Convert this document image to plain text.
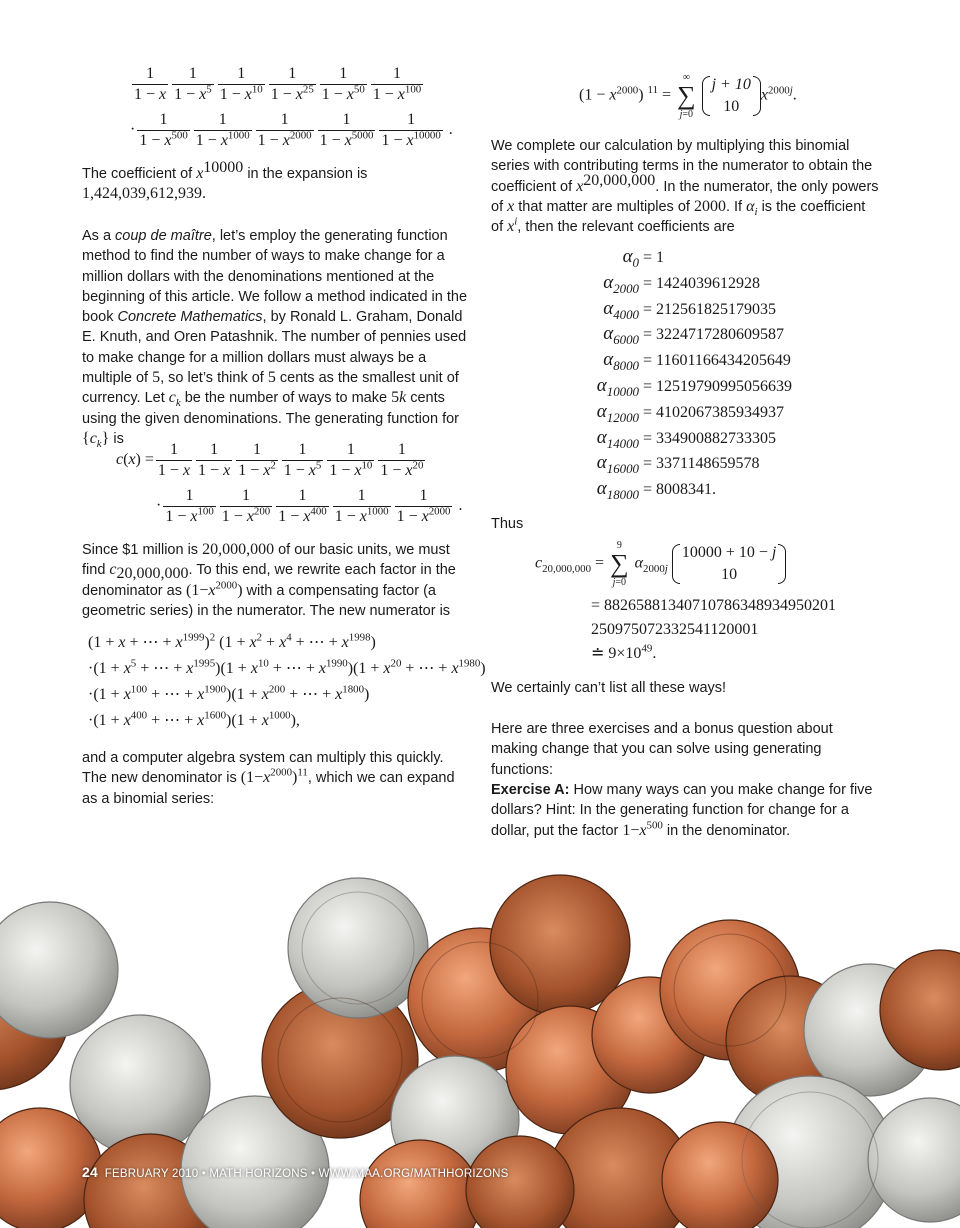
$\frac{1}{1 - x} \frac{1}{1 - x^5} \frac{1}{1 - x^{10}} \frac{1}{1 - x^{25}} \frac{1}{1 - x^{50}} \frac{1}{1 - x^{100}}$
· $\frac{1}{1 - x^{500}} \frac{1}{1 - x^{1000}} \frac{1}{1 - x^{2000}} \frac{1}{1 - x^{5000}} \frac{1}{1 - x^{10000}}$ .

The coefficient of $x^{10000}$ in the expansion is
1,424,039,612,939.

As a coup de maître, let’s employ the generating function method to find the number of ways to make change for a million dollars with the denominations mentioned at the beginning of this article. We follow a method indicated in the book Concrete Mathematics, by Ronald L. Graham, Donald E. Knuth, and Oren Patashnik. The number of pennies used to make change for a million dollars must always be a multiple of 5, so let’s think of 5 cents as the smallest unit of currency. Let $c_k$ be the number of ways to make 5k cents using the given denominations. The generating function for $\{c_k\}$ is

$c(x) = \frac{1}{1 - x} \frac{1}{1 - x} \frac{1}{1 - x^2} \frac{1}{1 - x^5} \frac{1}{1 - x^{10}} \frac{1}{1 - x^{20}}$
· $\frac{1}{1 - x^{100}} \frac{1}{1 - x^{200}} \frac{1}{1 - x^{400}} \frac{1}{1 - x^{1000}} \frac{1}{1 - x^{2000}}$ .

Since $1 million is 20,000,000 of our basic units, we must find $c_{20,000,000}$. To this end, we rewrite each factor in the denominator as $(1-x^{2000})$ with a compensating factor (a geometric series) in the numerator. The new numerator is

(1 + x + ⋯ + $x^{1999})^2$ ($1 + x^2 + x^4$ + ⋯ + $x^{1998}$)
$\cdot(1 + x^5$ + ⋯ + $x^{1995})(1 + x^{10}$ + ⋯ + $x^{1990})(1 + x^{20}$ + ⋯ + $x^{1980}$)
$\cdot(1 + x^{100}$ + ⋯ + $x^{1900})(1 + x^{200}$ + ⋯ + $x^{1800}$)
$\cdot(1 + x^{400}$ + ⋯ + $x^{1600})(1 + x^{1000})$,

and a computer algebra system can multiply this quickly. The new denominator is $(1-x^{2000})^{11}$, which we can expand as a binomial series:

$(1 - x^{2000})$ $^{11}$ = ∞
∑
j=0
j + 10
10
$x^{2000j}$.

We complete our calculation by multiplying this binomial series with contributing terms in the numerator to obtain the coefficient of $x^{20,000,000}$. In the numerator, the only powers of x that matter are multiples of 2000. If $\alpha_i$ is the coefficient of $x^i$, then the relevant coefficients are

$\alpha_0 = 1$
$\alpha_{2000} = 1424039612928$
$\alpha_{4000} = 212561825179035$
$\alpha_{6000} = 3224717280609587$
$\alpha_{8000} = 11601166434205649$
$\alpha_{10000} = 12519790995056639$
$\alpha_{12000} = 4102067385934937$
$\alpha_{14000} = 334900882733305$
$\alpha_{16000} = 3371148659578$
$\alpha_{18000} = 8008341$.

Thus

$c_{20,000,000} = 9$
∑
j=0 $\alpha_{2000j}$
10000 + 10 − j
10
= 88265881340710786348934950201
250975072332541120001
≐ $9\times 10^{49}$.

We certainly can’t list all these ways!

Here are three exercises and a bonus question about making change that you can solve using generating functions:

Exercise A: How many ways can you make change for five dollars? Hint: In the generating function for change for a dollar, put the factor $1-x^{500}$ in the denominator.

24 FEBRUARY 2010 • MATH HORIZONS • WWW.MAA.ORG/MATHHORIZONS
